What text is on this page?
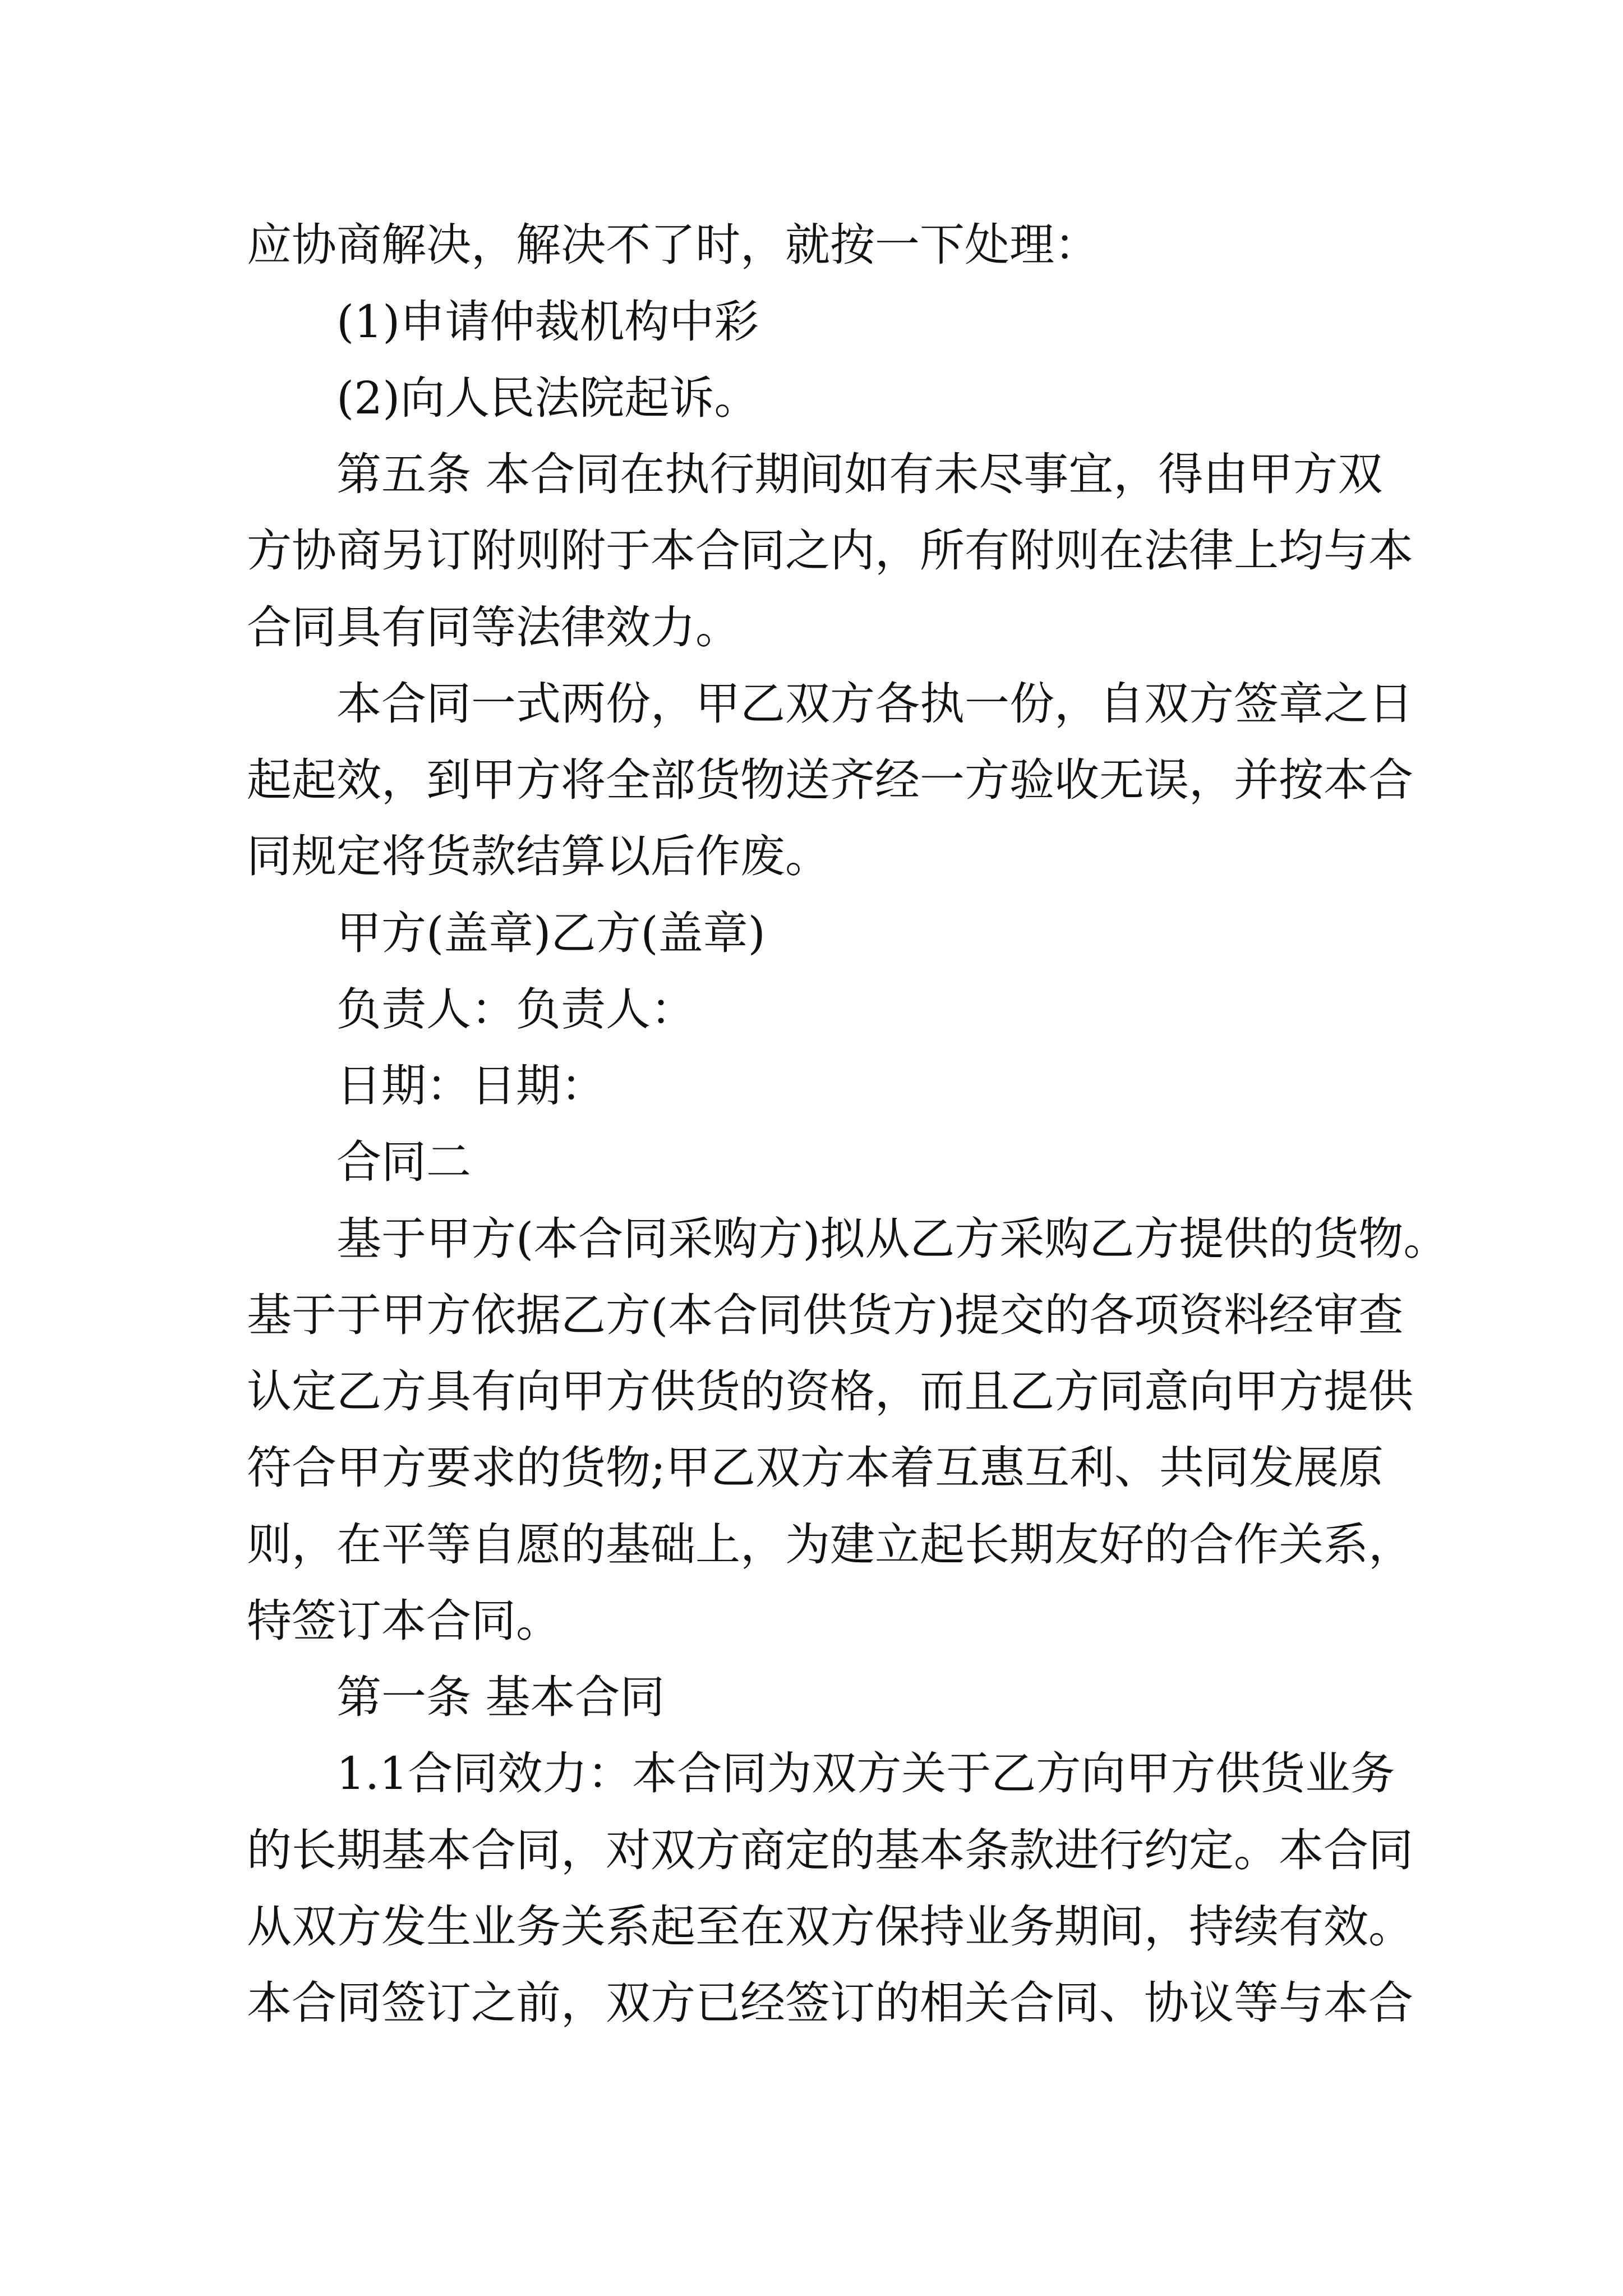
应协商解决，解决不了时，就按一下处理：
(1)申请仲裁机构中彩
(2)向人民法院起诉。
第五条 本合同在执行期间如有未尽事宜，得由甲方双
方协商另订附则附于本合同之内，所有附则在法律上均与本
合同具有同等法律效力。
本合同一式两份，甲乙双方各执一份，自双方签章之日
起起效，到甲方将全部货物送齐经一方验收无误，并按本合
同规定将货款结算以后作废。
甲方(盖章)乙方(盖章)
负责人：负责人：
日期：日期：
合同二
基于甲方(本合同采购方)拟从乙方采购乙方提供的货物。
基于于甲方依据乙方(本合同供货方)提交的各项资料经审查
认定乙方具有向甲方供货的资格，而且乙方同意向甲方提供
符合甲方要求的货物;甲乙双方本着互惠互利、共同发展原
则，在平等自愿的基础上，为建立起长期友好的合作关系，
特签订本合同。
第一条 基本合同
1.1合同效力：本合同为双方关于乙方向甲方供货业务
的长期基本合同，对双方商定的基本条款进行约定。本合同
从双方发生业务关系起至在双方保持业务期间，持续有效。
本合同签订之前，双方已经签订的相关合同、协议等与本合
